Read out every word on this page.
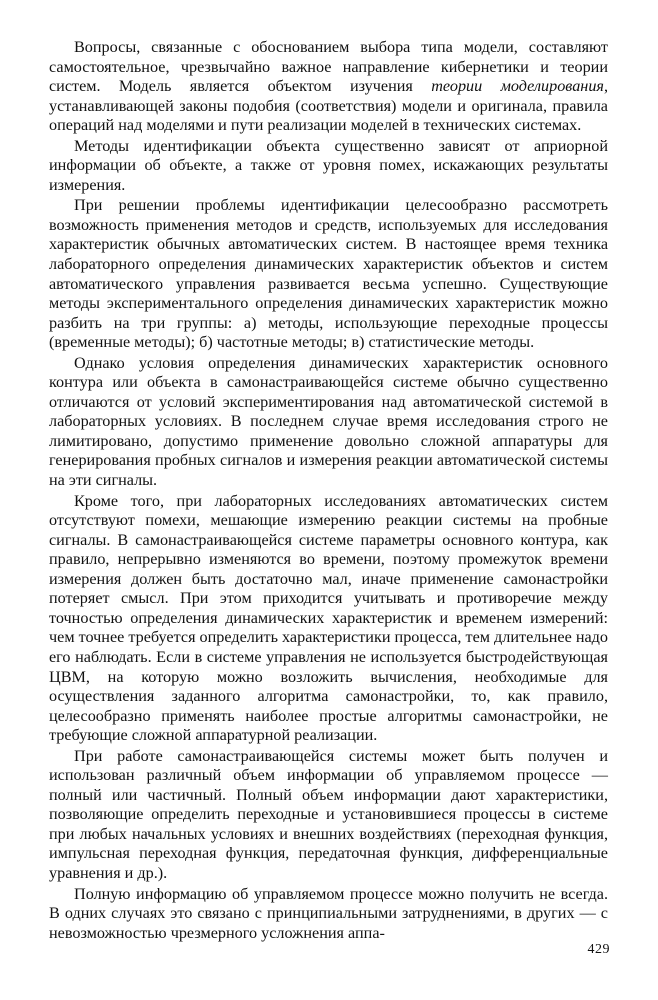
Вопросы, связанные с обоснованием выбора типа модели, составляют самостоятельное, чрезвычайно важное направление кибернетики и теории систем. Модель является объектом изучения теории моделирования, устанавливающей законы подобия (соответствия) модели и оригинала, правила операций над моделями и пути реализации моделей в технических системах.

Методы идентификации объекта существенно зависят от априорной информации об объекте, а также от уровня помех, искажающих результаты измерения.

При решении проблемы идентификации целесообразно рассмотреть возможность применения методов и средств, используемых для исследования характеристик обычных автоматических систем. В настоящее время техника лабораторного определения динамических характеристик объектов и систем автоматического управления развивается весьма успешно. Существующие методы экспериментального определения динамических характеристик можно разбить на три группы: а) методы, использующие переходные процессы (временные методы); б) частотные методы; в) статистические методы.

Однако условия определения динамических характеристик основного контура или объекта в самонастраивающейся системе обычно существенно отличаются от условий экспериментирования над автоматической системой в лабораторных условиях. В последнем случае время исследования строго не лимитировано, допустимо применение довольно сложной аппаратуры для генерирования пробных сигналов и измерения реакции автоматической системы на эти сигналы.

Кроме того, при лабораторных исследованиях автоматических систем отсутствуют помехи, мешающие измерению реакции системы на пробные сигналы. В самонастраивающейся системе параметры основного контура, как правило, непрерывно изменяются во времени, поэтому промежуток времени измерения должен быть достаточно мал, иначе применение самонастройки потеряет смысл. При этом приходится учитывать и противоречие между точностью определения динамических характеристик и временем измерений: чем точнее требуется определить характеристики процесса, тем длительнее надо его наблюдать. Если в системе управления не используется быстродействующая ЦВМ, на которую можно возложить вычисления, необходимые для осуществления заданного алгоритма самонастройки, то, как правило, целесообразно применять наиболее простые алгоритмы самонастройки, не требующие сложной аппаратурной реализации.

При работе самонастраивающейся системы может быть получен и использован различный объем информации об управляемом процессе — полный или частичный. Полный объем информации дают характеристики, позволяющие определить переходные и установившиеся процессы в системе при любых начальных условиях и внешних воздействиях (переходная функция, импульсная переходная функция, передаточная функция, дифференциальные уравнения и др.).

Полную информацию об управляемом процессе можно получить не всегда. В одних случаях это связано с принципиальными затруднениями, в других — с невозможностью чрезмерного усложнения аппа-

429
